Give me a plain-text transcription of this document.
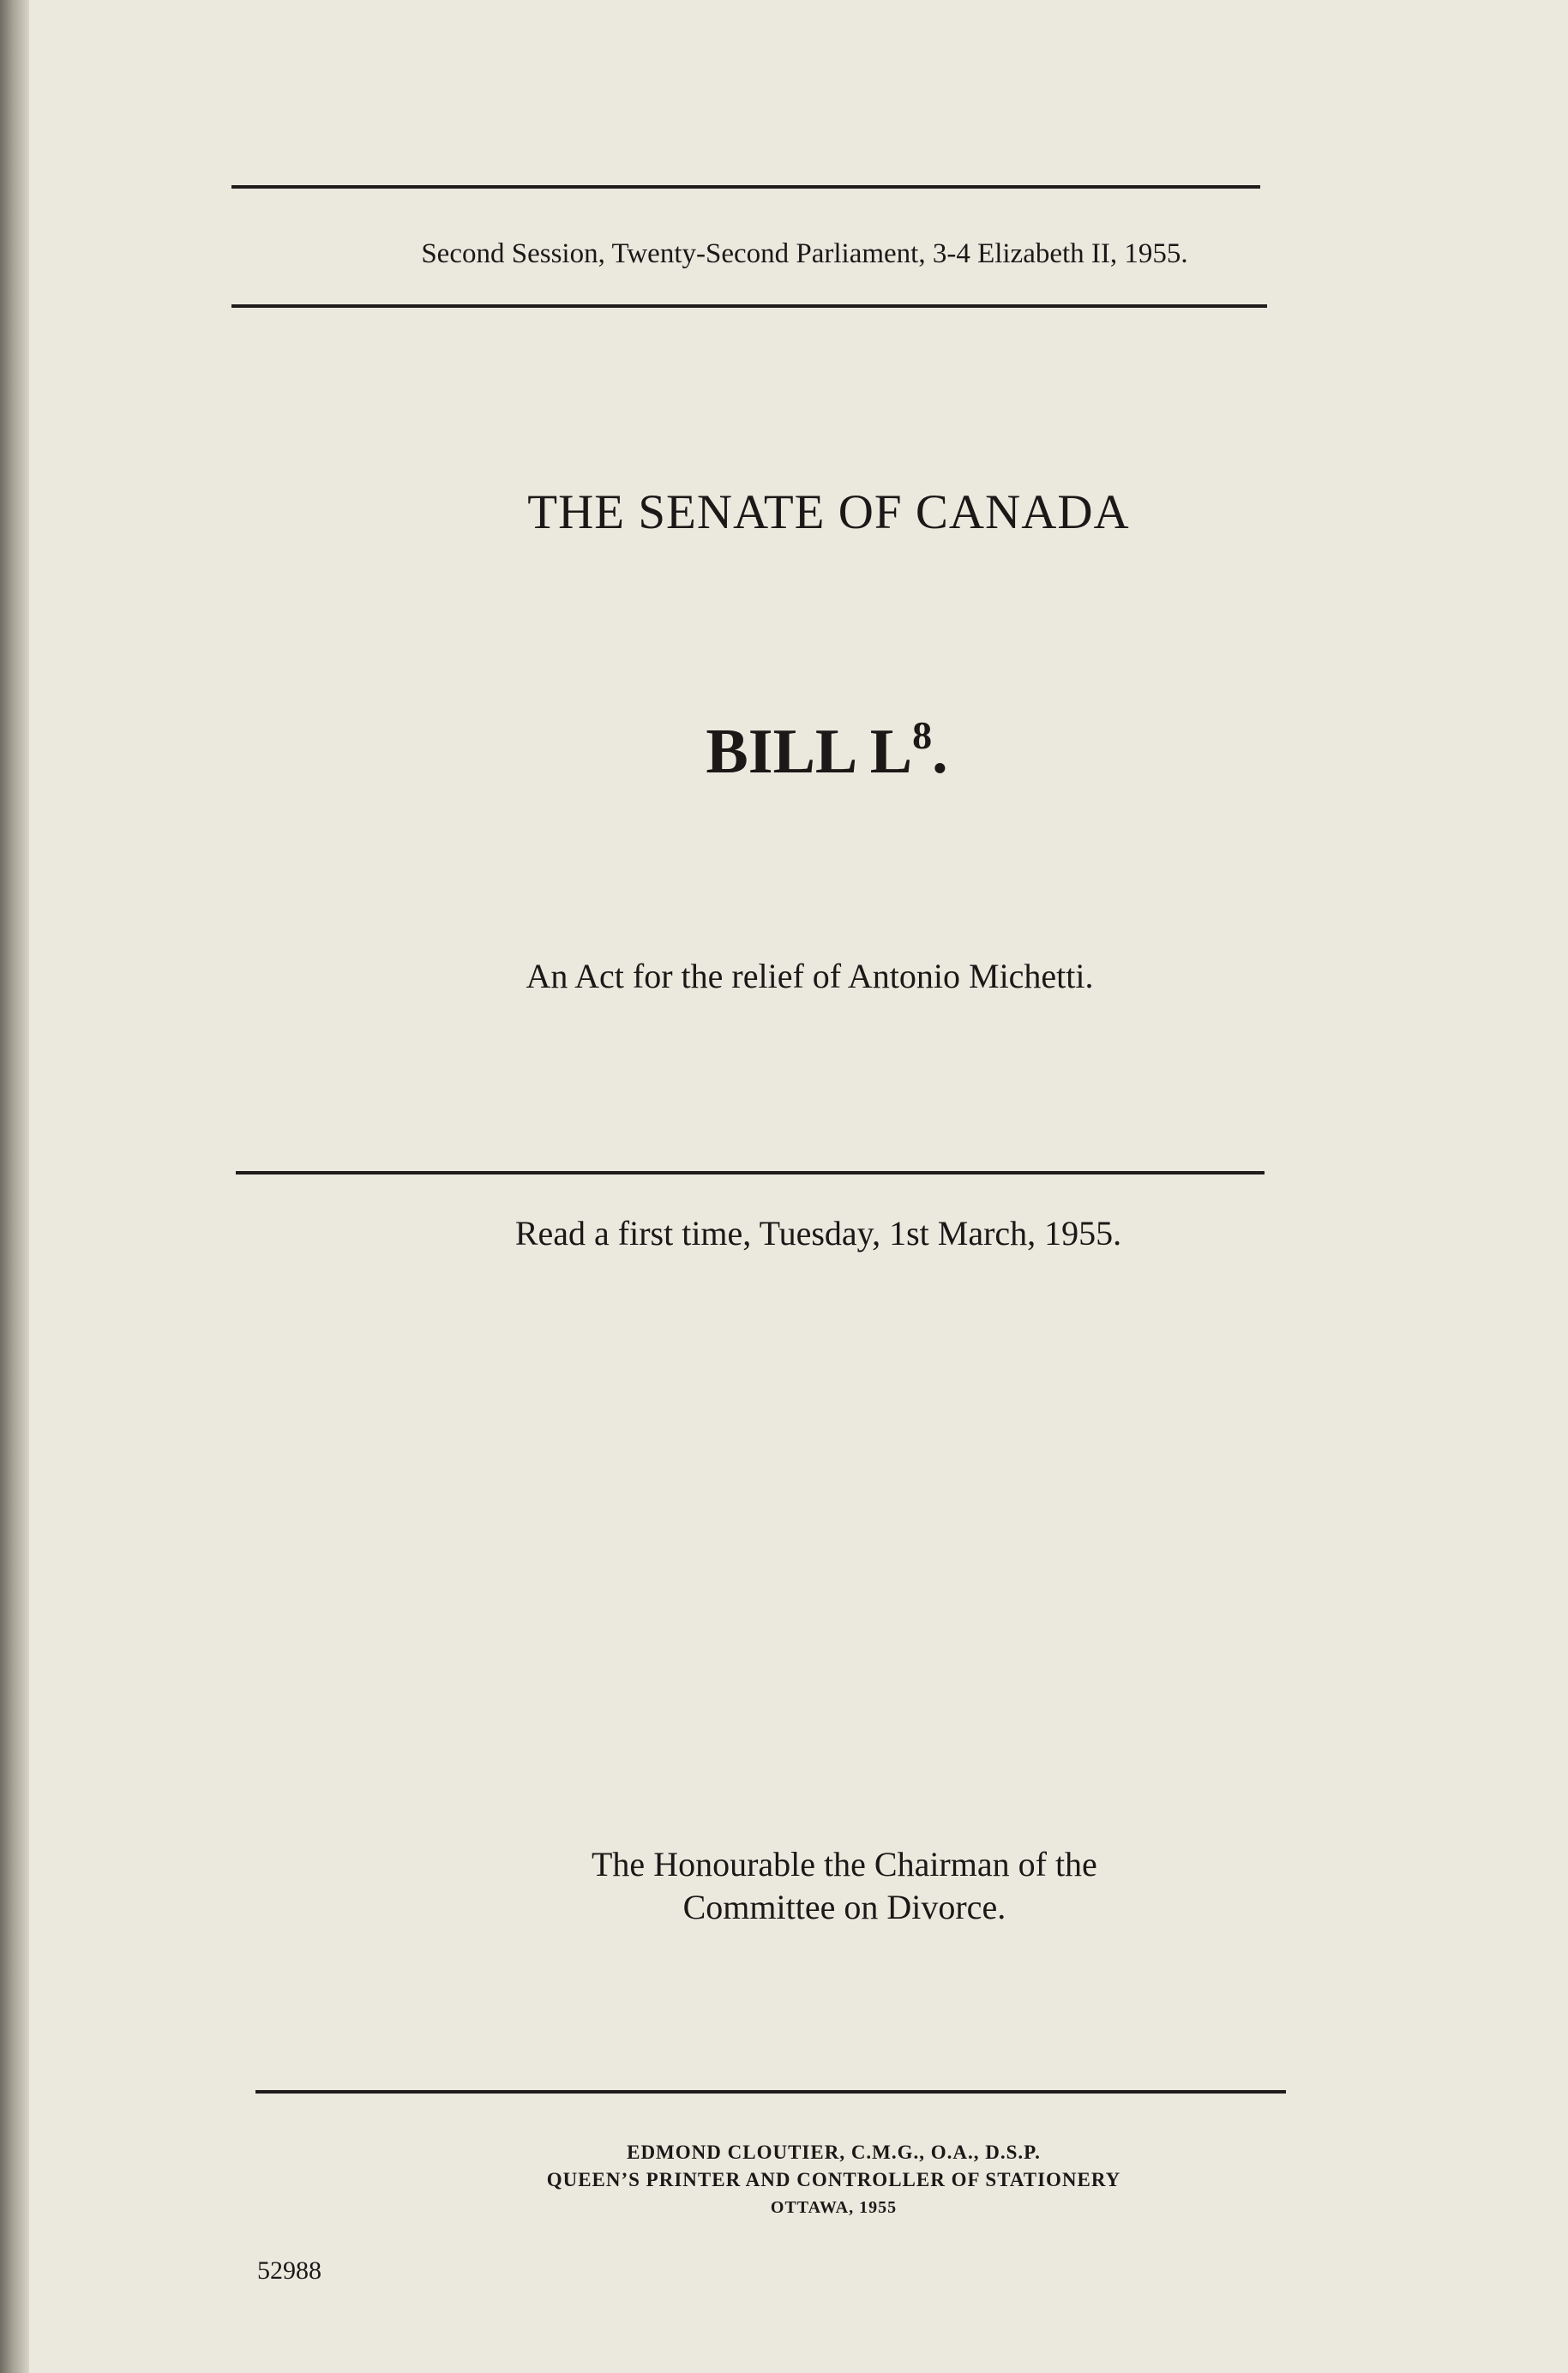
Second Session, Twenty-Second Parliament, 3-4 Elizabeth II, 1955.
THE SENATE OF CANADA
BILL $L^8$.
An Act for the relief of Antonio Michetti.
Read a first time, Tuesday, 1st March, 1955.
The Honourable the Chairman of the
Committee on Divorce.
EDMOND CLOUTIER, C.M.G., O.A., D.S.P.
QUEEN’S PRINTER AND CONTROLLER OF STATIONERY
OTTAWA, 1955
52988
